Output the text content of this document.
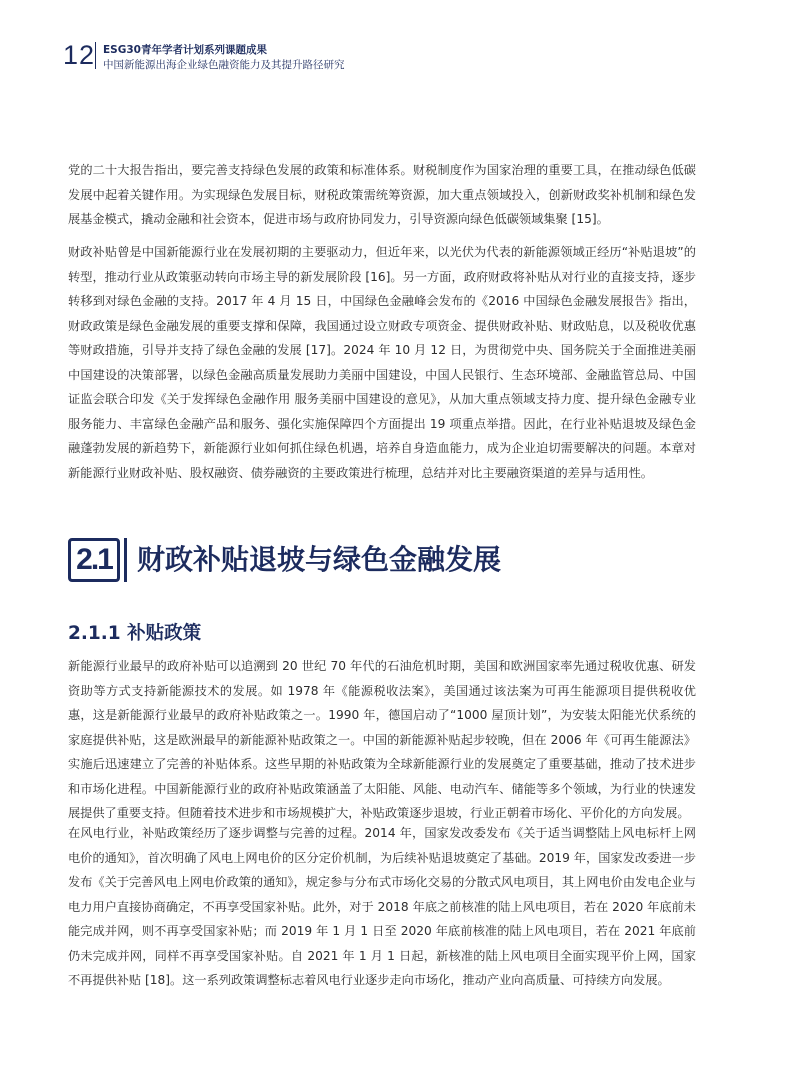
12 ESG30青年学者计划系列课题成果
中国新能源出海企业绿色融资能力及其提升路径研究

党的二十大报告指出，要完善支持绿色发展的政策和标准体系。财税制度作为国家治理的重要工具，在推动绿色低碳发展中起着关键作用。为实现绿色发展目标，财税政策需统筹资源，加大重点领域投入，创新财政奖补机制和绿色发展基金模式，撬动金融和社会资本，促进市场与政府协同发力，引导资源向绿色低碳领域集聚 [15]。

财政补贴曾是中国新能源行业在发展初期的主要驱动力，但近年来，以光伏为代表的新能源领域正经历“补贴退坡”的转型，推动行业从政策驱动转向市场主导的新发展阶段 [16]。另一方面，政府财政将补贴从对行业的直接支持，逐步转移到对绿色金融的支持。2017 年 4 月 15 日，中国绿色金融峰会发布的《2016 中国绿色金融发展报告》指出，财政政策是绿色金融发展的重要支撑和保障，我国通过设立财政专项资金、提供财政补贴、财政贴息，以及税收优惠等财政措施，引导并支持了绿色金融的发展 [17]。2024 年 10 月 12 日，为贯彻党中央、国务院关于全面推进美丽中国建设的决策部署，以绿色金融高质量发展助力美丽中国建设，中国人民银行、生态环境部、金融监管总局、中国证监会联合印发《关于发挥绿色金融作用 服务美丽中国建设的意见》，从加大重点领域支持力度、提升绿色金融专业服务能力、丰富绿色金融产品和服务、强化实施保障四个方面提出 19 项重点举措。因此，在行业补贴退坡及绿色金融蓬勃发展的新趋势下，新能源行业如何抓住绿色机遇，培养自身造血能力，成为企业迫切需要解决的问题。本章对新能源行业财政补贴、股权融资、债券融资的主要政策进行梳理，总结并对比主要融资渠道的差异与适用性。

2.1 财政补贴退坡与绿色金融发展
2.1.1 补贴政策

新能源行业最早的政府补贴可以追溯到 20 世纪 70 年代的石油危机时期，美国和欧洲国家率先通过税收优惠、研发资助等方式支持新能源技术的发展。如 1978 年《能源税收法案》，美国通过该法案为可再生能源项目提供税收优惠，这是新能源行业最早的政府补贴政策之一。1990 年，德国启动了“1000 屋顶计划”，为安装太阳能光伏系统的家庭提供补贴，这是欧洲最早的新能源补贴政策之一。中国的新能源补贴起步较晚，但在 2006 年《可再生能源法》实施后迅速建立了完善的补贴体系。这些早期的补贴政策为全球新能源行业的发展奠定了重要基础，推动了技术进步和市场化进程。中国新能源行业的政府补贴政策涵盖了太阳能、风能、电动汽车、储能等多个领域，为行业的快速发展提供了重要支持。但随着技术进步和市场规模扩大，补贴政策逐步退坡，行业正朝着市场化、平价化的方向发展。

在风电行业，补贴政策经历了逐步调整与完善的过程。2014 年，国家发改委发布《关于适当调整陆上风电标杆上网电价的通知》，首次明确了风电上网电价的区分定价机制，为后续补贴退坡奠定了基础。2019 年，国家发改委进一步发布《关于完善风电上网电价政策的通知》，规定参与分布式市场化交易的分散式风电项目，其上网电价由发电企业与电力用户直接协商确定，不再享受国家补贴。此外，对于 2018 年底之前核准的陆上风电项目，若在 2020 年底前未能完成并网，则不再享受国家补贴；而 2019 年 1 月 1 日至 2020 年底前核准的陆上风电项目，若在 2021 年底前仍未完成并网，同样不再享受国家补贴。自 2021 年 1 月 1 日起，新核准的陆上风电项目全面实现平价上网，国家不再提供补贴 [18]。这一系列政策调整标志着风电行业逐步走向市场化，推动产业向高质量、可持续方向发展。
